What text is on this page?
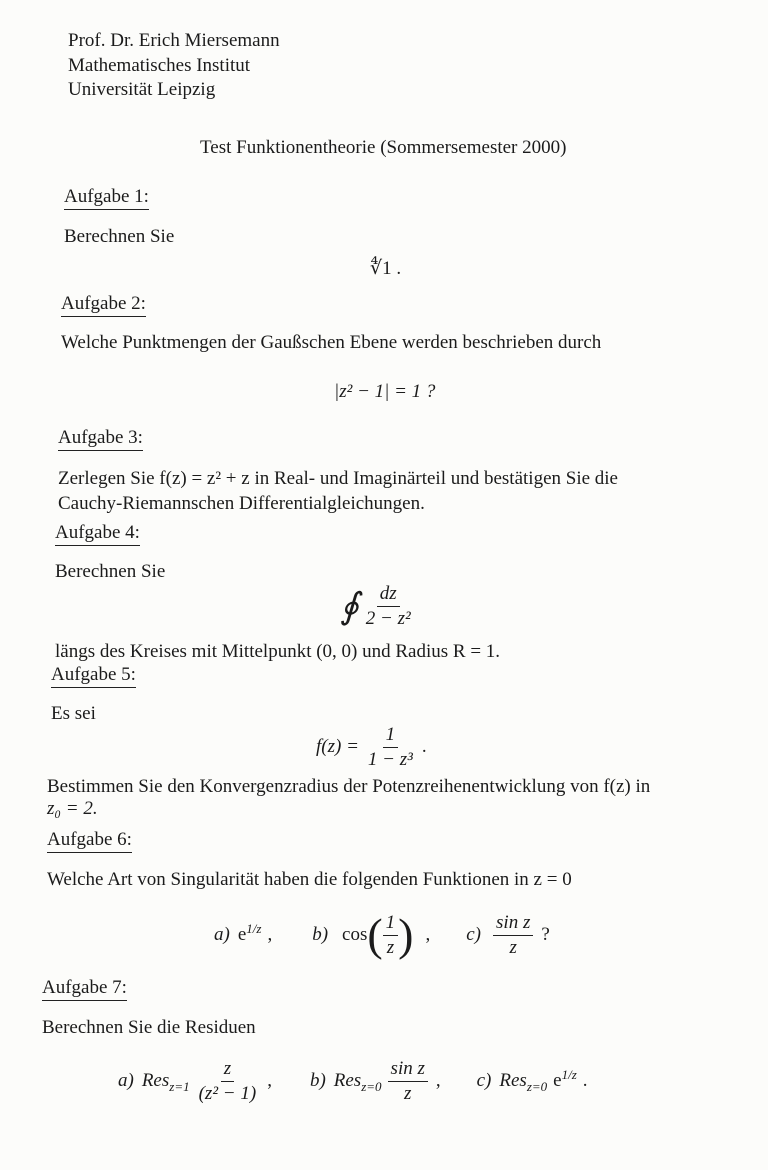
Prof. Dr. Erich Miersemann
Mathematisches Institut
Universität Leipzig
Test Funktionentheorie (Sommersemester 2000)
Aufgabe 1:
Berechnen Sie
∜1 .
Aufgabe 2:
Welche Punktmengen der Gaußschen Ebene werden beschrieben durch
|z² − 1| = 1 ?
Aufgabe 3:
Zerlegen Sie f(z) = z² + z in Real- und Imaginärteil und bestätigen Sie die
Cauchy-Riemannschen Differentialgleichungen.
Aufgabe 4:
Berechnen Sie
∮ $\frac{dz}{\text{2 − z²}}$
längs des Kreises mit Mittelpunkt (0, 0) und Radius R = 1.
Aufgabe 5:
Es sei
$f(z) = \frac{1}{\text{1 − z³}}$ .
Bestimmen Sie den Konvergenzradius der Potenzreihenentwicklung von f(z) in
z₀ = 2.
Aufgabe 6:
Welche Art von Singularität haben die folgenden Funktionen in z = 0
a) $e^{1/z}$ , b) cos ( $\frac{1}{z}$ ) , $c) \frac{\text{sin z}}{z}$ ?
Aufgabe 7:
Berechnen Sie die Residuen
a) $Res_{z=1} \frac{z}{\text{(z² − 1)}}$ , b) $Res_{z=0} \frac{\text{sin z}}{z}$ , c) Res$_{z=0}$ $e^{1/z}$ .
